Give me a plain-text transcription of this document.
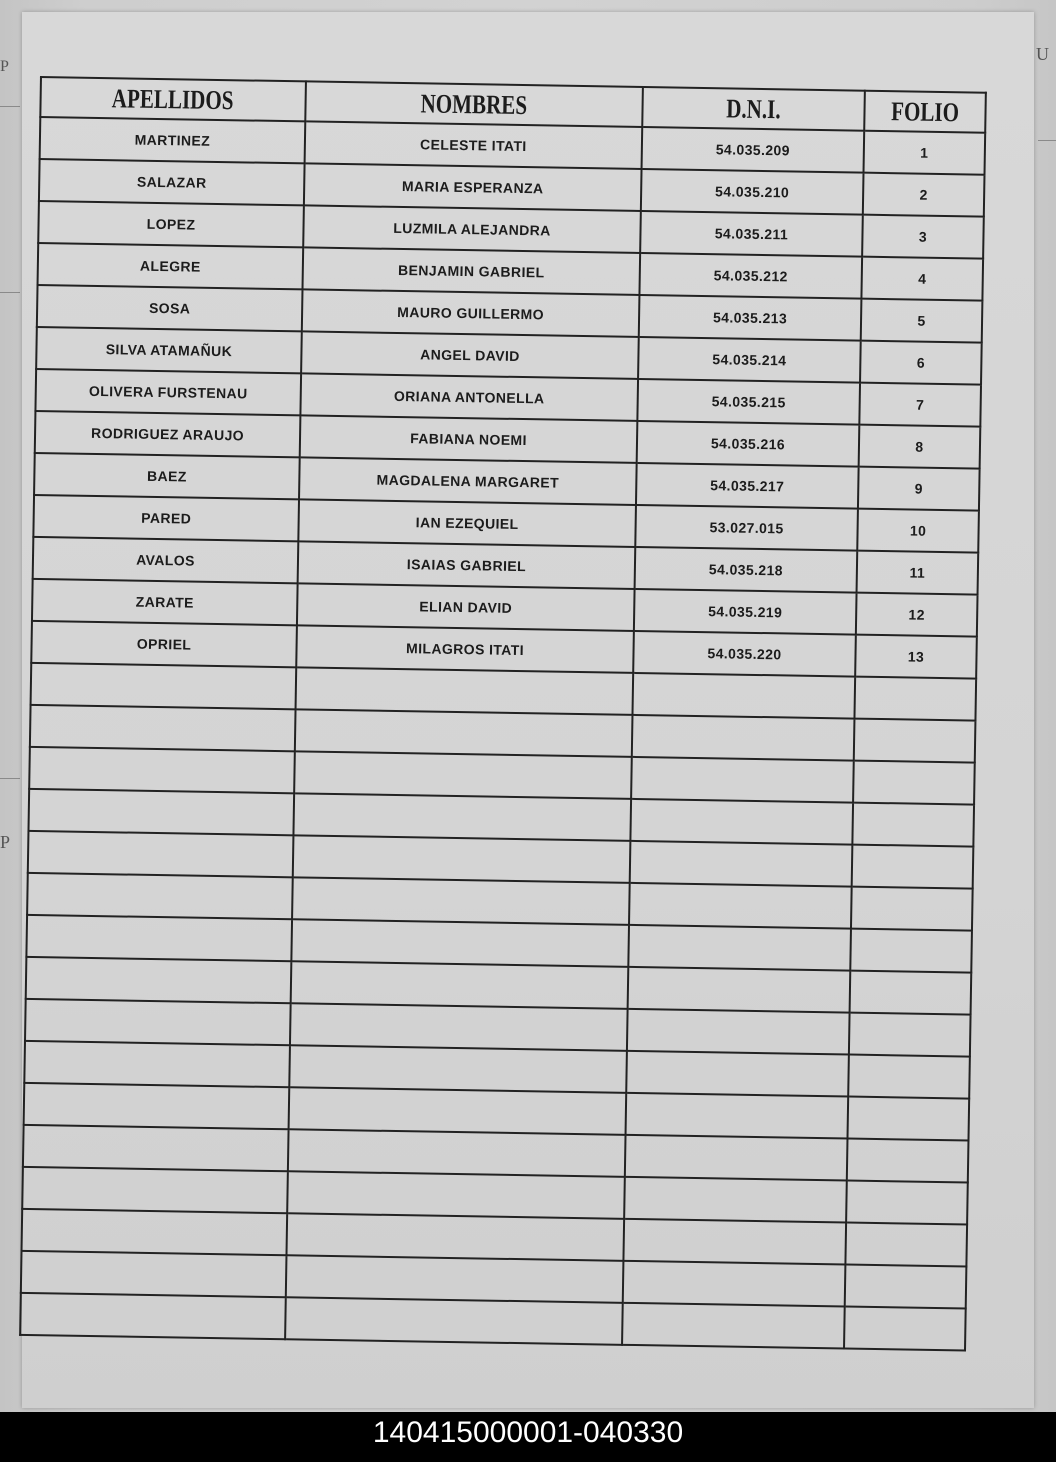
P
P
U
APELLIDOS	NOMBRES	D.N.I.	FOLIO
MARTINEZ	CELESTE ITATI	54.035.209	1
SALAZAR	MARIA ESPERANZA	54.035.210	2
LOPEZ	LUZMILA ALEJANDRA	54.035.211	3
ALEGRE	BENJAMIN GABRIEL	54.035.212	4
SOSA	MAURO GUILLERMO	54.035.213	5
SILVA ATAMAÑUK	ANGEL DAVID	54.035.214	6
OLIVERA FURSTENAU	ORIANA ANTONELLA	54.035.215	7
RODRIGUEZ ARAUJO	FABIANA NOEMI	54.035.216	8
BAEZ	MAGDALENA MARGARET	54.035.217	9
PARED	IAN EZEQUIEL	53.027.015	10
AVALOS	ISAIAS GABRIEL	54.035.218	11
ZARATE	ELIAN DAVID	54.035.219	12
OPRIEL	MILAGROS ITATI	54.035.220	13

140415000001-040330
